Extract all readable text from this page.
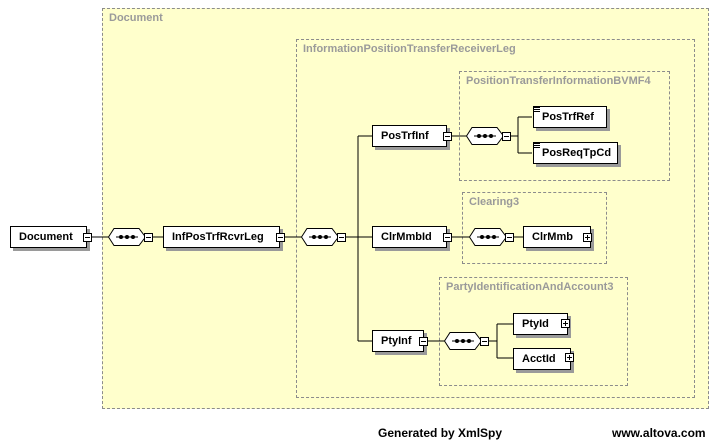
Document
InformationPositionTransferReceiverLeg
PositionTransferInformationBVMF4
Clearing3
PartyIdentificationAndAccount3
Document	InfPosTrfRcvrLeg
PosTrfInf
PosTrfRef
PosReqTpCd
ClrMmbId	ClrMmb
PtyInf
PtyId
AcctId
Generated by XmlSpy	www.altova.com
